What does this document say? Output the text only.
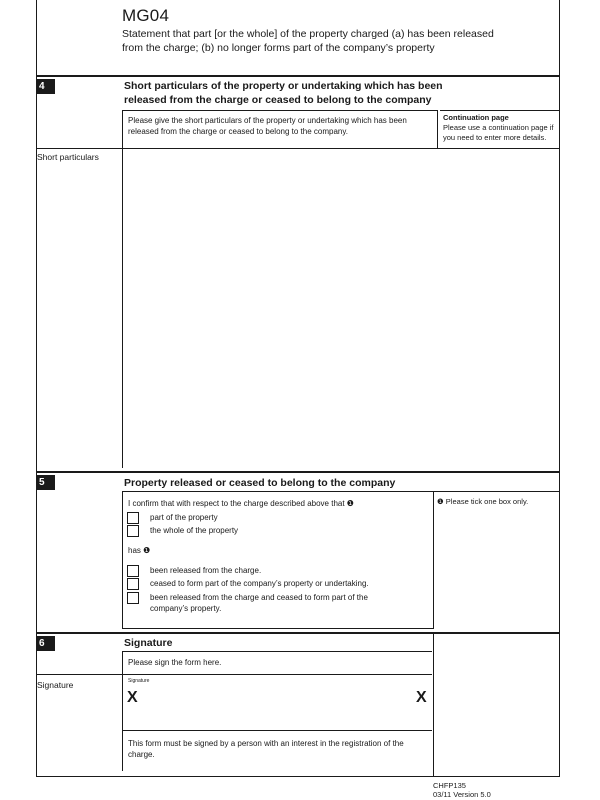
MG04
Statement that part [or the whole] of the property charged (a) has been released from the charge; (b) no longer forms part of the company’s property
4	Short particulars of the property or undertaking which has been
released from the charge or ceased to belong to the company
Please give the short particulars of the property or undertaking which has been released from the charge or ceased to belong to the company.
Continuation page
Please use a continuation page if you need to enter more details.
Short particulars
5	Property released or ceased to belong to the company
I confirm that with respect to the charge described above that ❶
part of the property
the whole of the property
has ❶
been released from the charge.
ceased to form part of the company’s property or undertaking.
been released from the charge and ceased to form part of the company’s property.
❶ Please tick one box only.
6	Signature
Please sign the form here.
Signature	Signature
X	X
This form must be signed by a person with an interest in the registration of the charge.
CHFP135
03/11 Version 5.0
